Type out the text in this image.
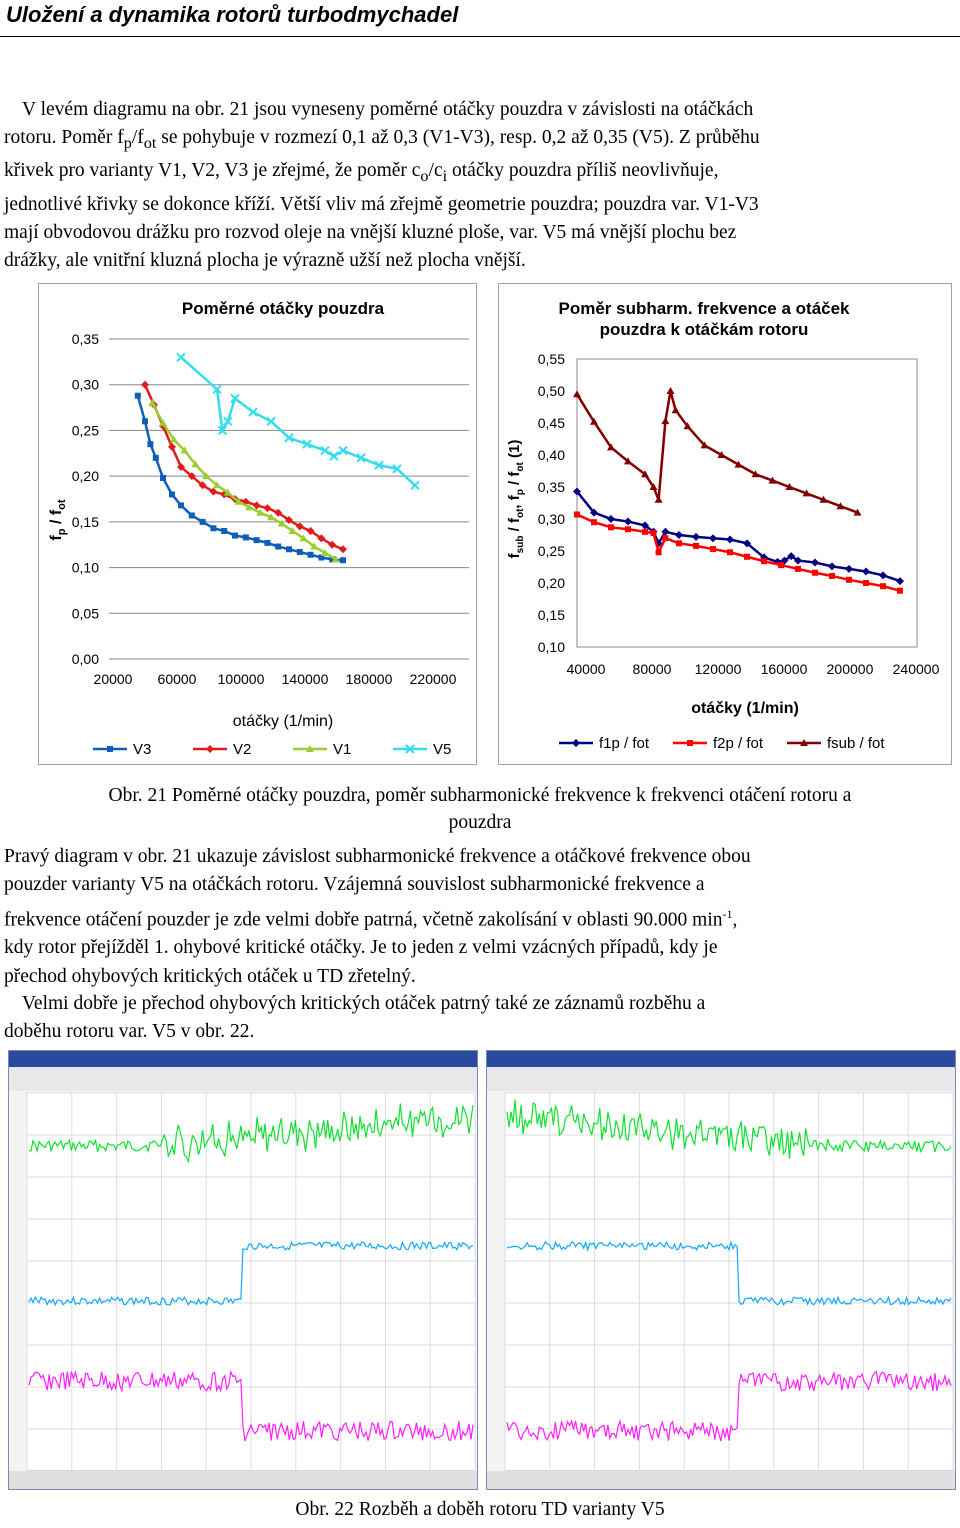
Uložení a dynamika rotorů turbodmychadel
V levém diagramu na obr. 21 jsou vyneseny poměrné otáčky pouzdra v závislosti na otáčkách
rotoru. Poměr $f_p/f_{ot}$ se pohybuje v rozmezí 0,1 až 0,3 (V1-V3), resp. 0,2 až 0,35 (V5). Z průběhu
křivek pro varianty V1, V2, V3 je zřejmé, že poměr $c_o/c_i$ otáčky pouzdra příliš neovlivňuje,
jednotlivé křivky se dokonce kříží. Větší vliv má zřejmě geometrie pouzdra; pouzdra var. V1-V3
mají obvodovou drážku pro rozvod oleje na vnější kluzné ploše, var. V5 má vnější plochu bez
drážky, ale vnitřní kluzná plocha je výrazně užší než plocha vnější.
Poměrné otáčky pouzdra
0,00
0,05
0,10
0,15
0,20
0,25
0,30
0,35
20000 60000 100000 140000 180000 220000
otáčky (1/min)
$f_p / f_{ot}$
V3	V2	V1	V5
Poměr subharm. frekvence a otáček
pouzdra k otáčkám rotoru
0,10
0,15
0,20
0,25
0,30
0,35
0,40
0,45
0,50
0,55
40000 80000 120000 160000 200000 240000
otáčky (1/min)
$f_{sub} / f_{ot}$, $f_p / f_{ot}$ (1)
f1p / fot	f2p / fot	fsub / fot
Obr. 21 Poměrné otáčky pouzdra, poměr subharmonické frekvence k frekvenci otáčení rotoru a
pouzdra
Pravý diagram v obr. 21 ukazuje závislost subharmonické frekvence a otáčkové frekvence obou
pouzder varianty V5 na otáčkách rotoru. Vzájemná souvislost subharmonické frekvence a
frekvence otáčení pouzder je zde velmi dobře patrná, včetně zakolísání v oblasti 90.000 $\min^{-1}$,
kdy rotor přejížděl 1. ohybové kritické otáčky. Je to jeden z velmi vzácných případů, kdy je
přechod ohybových kritických otáček u TD zřetelný.
Velmi dobře je přechod ohybových kritických otáček patrný také ze záznamů rozběhu a
doběhu rotoru var. V5 v obr. 22.
Obr. 22 Rozběh a doběh rotoru TD varianty V5
